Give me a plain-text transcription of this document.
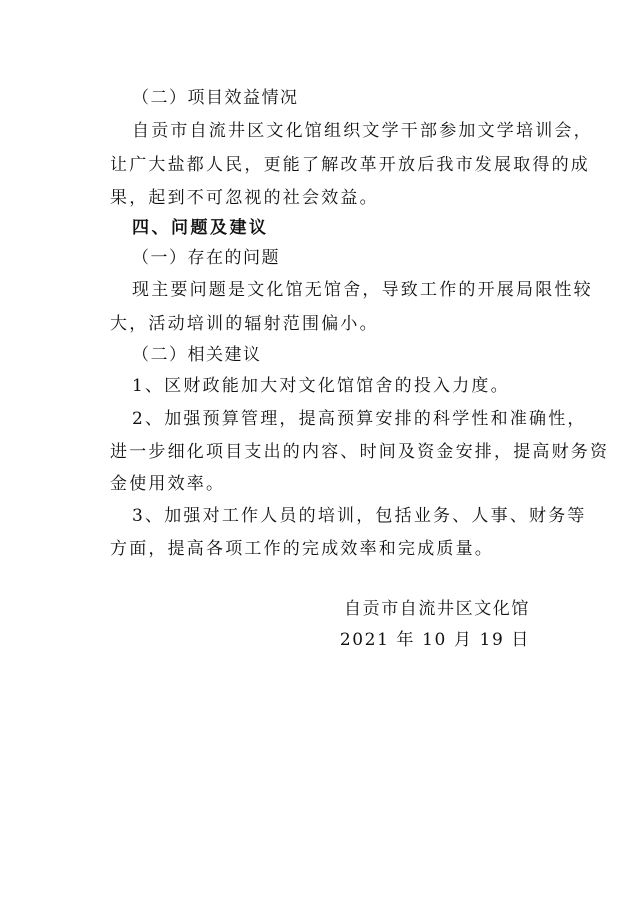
（二）项目效益情况
自贡市自流井区文化馆组织文学干部参加文学培训会，
让广大盐都人民，更能了解改革开放后我市发展取得的成
果，起到不可忽视的社会效益。
四、问题及建议
（一）存在的问题
现主要问题是文化馆无馆舍，导致工作的开展局限性较
大，活动培训的辐射范围偏小。
（二）相关建议
1、区财政能加大对文化馆馆舍的投入力度。
2、加强预算管理，提高预算安排的科学性和准确性，
进一步细化项目支出的内容、时间及资金安排，提高财务资
金使用效率。
3、加强对工作人员的培训，包括业务、人事、财务等
方面，提高各项工作的完成效率和完成质量。
自贡市自流井区文化馆
2021 年 10 月 19 日
